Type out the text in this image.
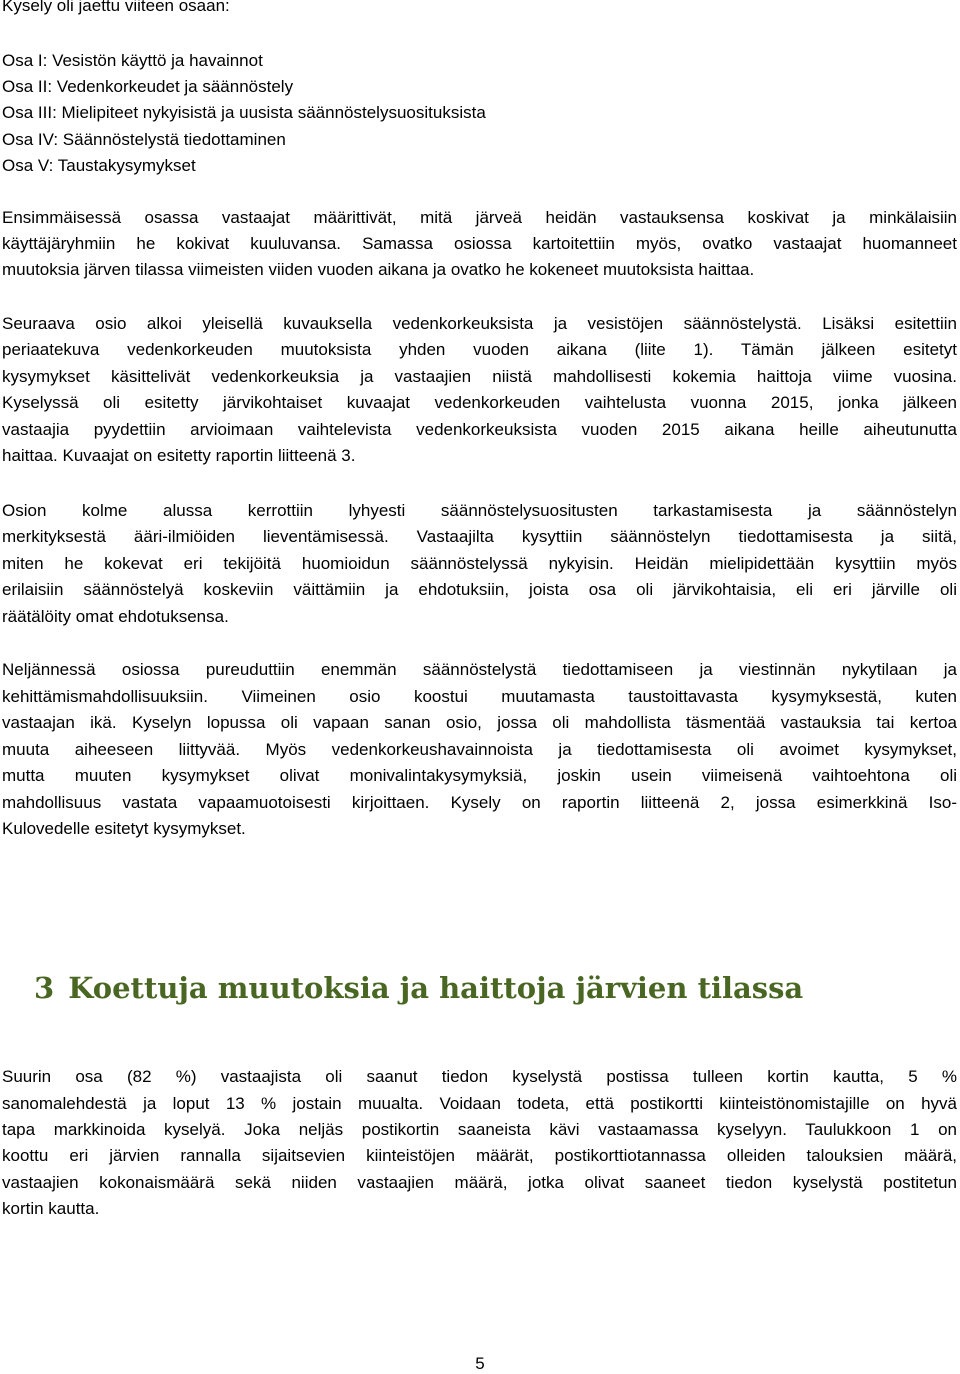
Kysely oli jaettu viiteen osaan:

Osa I: Vesistön käyttö ja havainnot

Osa II: Vedenkorkeudet ja säännöstely

Osa III: Mielipiteet nykyisistä ja uusista säännöstelysuosituksista

Osa IV: Säännöstelystä tiedottaminen

Osa V: Taustakysymykset

Ensimmäisessä osassa vastaajat määrittivät, mitä järveä heidän vastauksensa koskivat ja minkälaisiin

käyttäjäryhmiin he kokivat kuuluvansa. Samassa osiossa kartoitettiin myös, ovatko vastaajat huomanneet

muutoksia järven tilassa viimeisten viiden vuoden aikana ja ovatko he kokeneet muutoksista haittaa.

Seuraava osio alkoi yleisellä kuvauksella vedenkorkeuksista ja vesistöjen säännöstelystä. Lisäksi esitettiin

periaatekuva vedenkorkeuden muutoksista yhden vuoden aikana (liite 1). Tämän jälkeen esitetyt

kysymykset käsittelivät vedenkorkeuksia ja vastaajien niistä mahdollisesti kokemia haittoja viime vuosina.

Kyselyssä oli esitetty järvikohtaiset kuvaajat vedenkorkeuden vaihtelusta vuonna 2015, jonka jälkeen

vastaajia pyydettiin arvioimaan vaihtelevista vedenkorkeuksista vuoden 2015 aikana heille aiheutunutta

haittaa. Kuvaajat on esitetty raportin liitteenä 3.

Osion kolme alussa kerrottiin lyhyesti säännöstelysuositusten tarkastamisesta ja säännöstelyn

merkityksestä ääri-ilmiöiden lieventämisessä. Vastaajilta kysyttiin säännöstelyn tiedottamisesta ja siitä,

miten he kokevat eri tekijöitä huomioidun säännöstelyssä nykyisin. Heidän mielipidettään kysyttiin myös

erilaisiin säännöstelyä koskeviin väittämiin ja ehdotuksiin, joista osa oli järvikohtaisia, eli eri järville oli

räätälöity omat ehdotuksensa.

Neljännessä osiossa pureuduttiin enemmän säännöstelystä tiedottamiseen ja viestinnän nykytilaan ja

kehittämismahdollisuuksiin. Viimeinen osio koostui muutamasta taustoittavasta kysymyksestä, kuten

vastaajan ikä. Kyselyn lopussa oli vapaan sanan osio, jossa oli mahdollista täsmentää vastauksia tai kertoa

muuta aiheeseen liittyvää. Myös vedenkorkeushavainnoista ja tiedottamisesta oli avoimet kysymykset,

mutta muuten kysymykset olivat monivalintakysymyksiä, joskin usein viimeisenä vaihtoehtona oli

mahdollisuus vastata vapaamuotoisesti kirjoittaen. Kysely on raportin liitteenä 2, jossa esimerkkinä Iso-

Kulovedelle esitetyt kysymykset.

3 Koettuja muutoksia ja haittoja järvien tilassa

Suurin osa (82 %) vastaajista oli saanut tiedon kyselystä postissa tulleen kortin kautta, 5 %

sanomalehdestä ja loput 13 % jostain muualta. Voidaan todeta, että postikortti kiinteistönomistajille on hyvä

tapa markkinoida kyselyä. Joka neljäs postikortin saaneista kävi vastaamassa kyselyyn. Taulukkoon 1 on

koottu eri järvien rannalla sijaitsevien kiinteistöjen määrät, postikorttiotannassa olleiden talouksien määrä,

vastaajien kokonaismäärä sekä niiden vastaajien määrä, jotka olivat saaneet tiedon kyselystä postitetun

kortin kautta.

5
